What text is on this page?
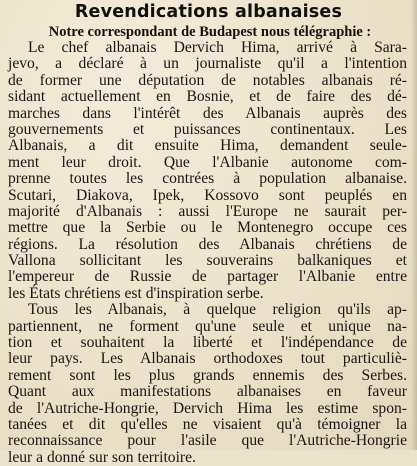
Revendications albanaises
Notre correspondant de Budapest nous télégraphie :
Le chef albanais Dervich Hima, arrivé à Sara-
jevo, a déclaré à un journaliste qu'il a l'intention
de former une députation de notables albanais ré-
sidant actuellement en Bosnie, et de faire des dé-
marches dans l'intérêt des Albanais auprès des
gouvernements et puissances continentaux. Les
Albanais, a dit ensuite Hima, demandent seule-
ment leur droit. Que l'Albanie autonome com-
prenne toutes les contrées à population albanaise.
Scutari, Diakova, Ipek, Kossovo sont peuplés en
majorité d'Albanais : aussi l'Europe ne saurait per-
mettre que la Serbie ou le Montenegro occupe ces
régions. La résolution des Albanais chrétiens de
Vallona sollicitant les souverains balkaniques et
l'empereur de Russie de partager l'Albanie entre
les États chrétiens est d'inspiration serbe.
Tous les Albanais, à quelque religion qu'ils ap-
partiennent, ne forment qu'une seule et unique na-
tion et souhaitent la liberté et l'indépendance de
leur pays. Les Albanais orthodoxes tout particuliè-
rement sont les plus grands ennemis des Serbes.
Quant aux manifestations albanaises en faveur
de l'Autriche-Hongrie, Dervich Hima les estime spon-
tanées et dit qu'elles ne visaient qu'à témoigner la
reconnaissance pour l'asile que l'Autriche-Hongrie
leur a donné sur son territoire.
